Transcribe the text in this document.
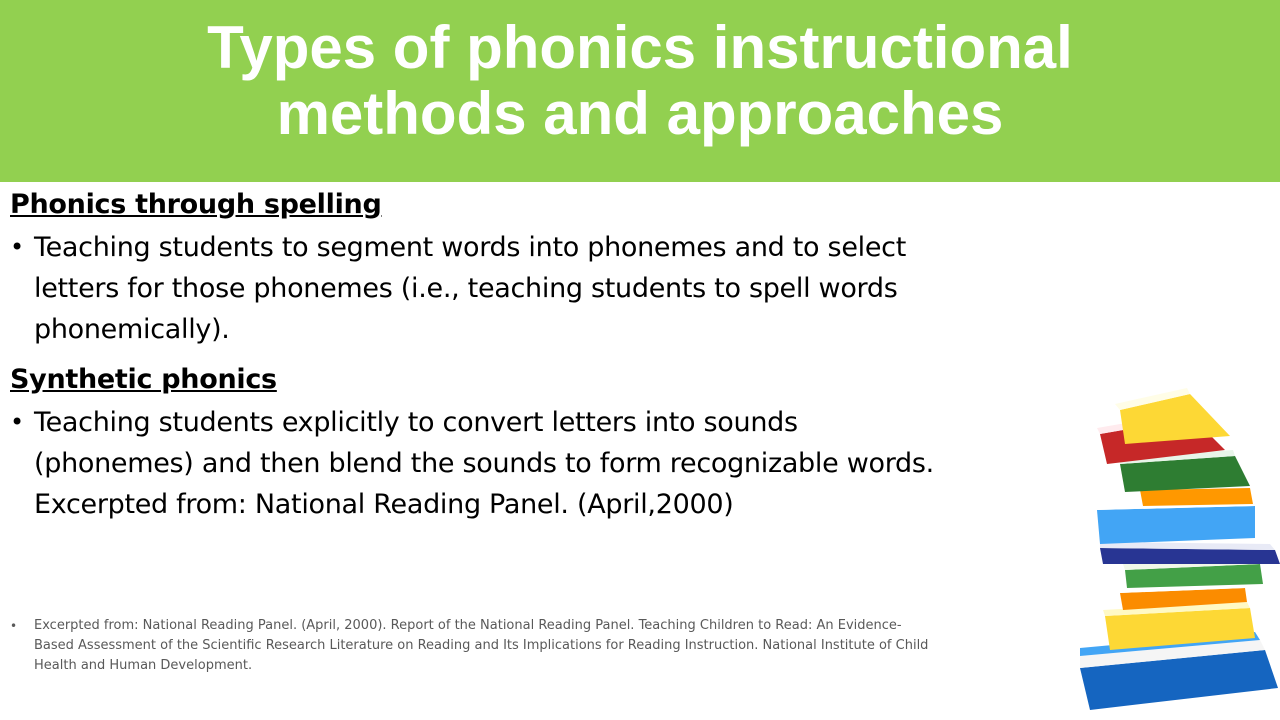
Types of phonics instructional
methods and approaches
Phonics through spelling
• Teaching students to segment words into phonemes and to select
letters for those phonemes (i.e., teaching students to spell words
phonemically).
Synthetic phonics
• Teaching students explicitly to convert letters into sounds
(phonemes) and then blend the sounds to form recognizable words.
Excerpted from: National Reading Panel. (April,2000)
• Excerpted from: National Reading Panel. (April, 2000). Report of the National Reading Panel. Teaching Children to Read: An Evidence-
Based Assessment of the Scientific Research Literature on Reading and Its Implications for Reading Instruction. National Institute of Child
Health and Human Development.
